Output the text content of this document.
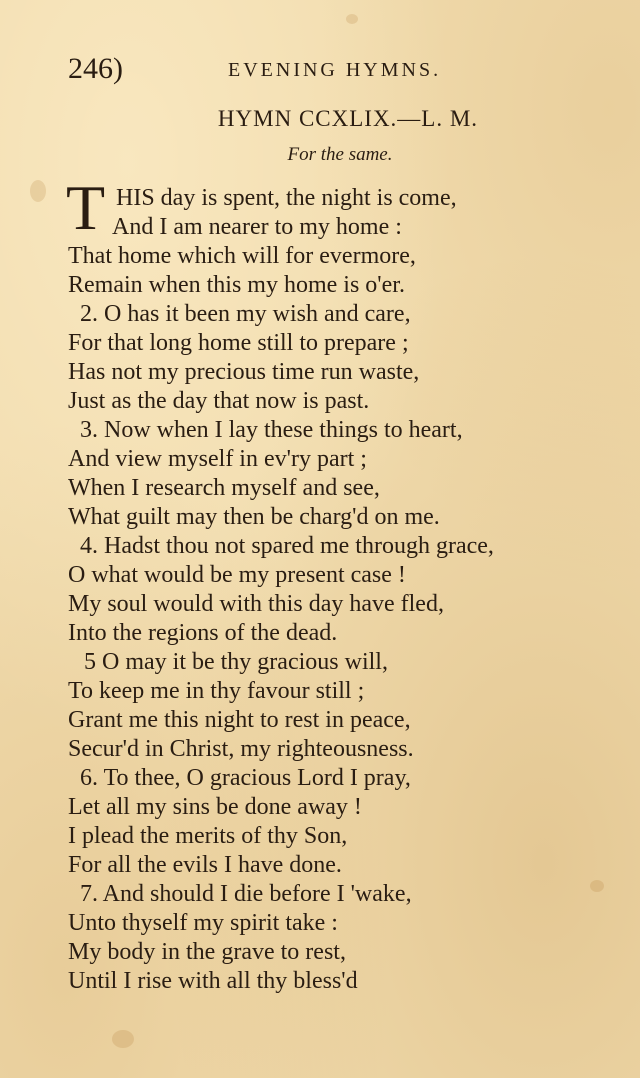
246)	EVENING HYMNS.
HYMN CCXLIX.—L. M.
For the same.
T HIS day is spent, the night is come,
And I am nearer to my home :
That home which will for evermore,
Remain when this my home is o'er.
2. O has it been my wish and care,
For that long home still to prepare ;
Has not my precious time run waste,
Just as the day that now is past.
3. Now when I lay these things to heart,
And view myself in ev'ry part ;
When I research myself and see,
What guilt may then be charg'd on me.
4. Hadst thou not spared me through grace,
O what would be my present case !
My soul would with this day have fled,
Into the regions of the dead.
5 O may it be thy gracious will,
To keep me in thy favour still ;
Grant me this night to rest in peace,
Secur'd in Christ, my righteousness.
6. To thee, O gracious Lord I pray,
Let all my sins be done away !
I plead the merits of thy Son,
For all the evils I have done.
7. And should I die before I 'wake,
Unto thyself my spirit take :
My body in the grave to rest,
Until I rise with all thy bless'd
